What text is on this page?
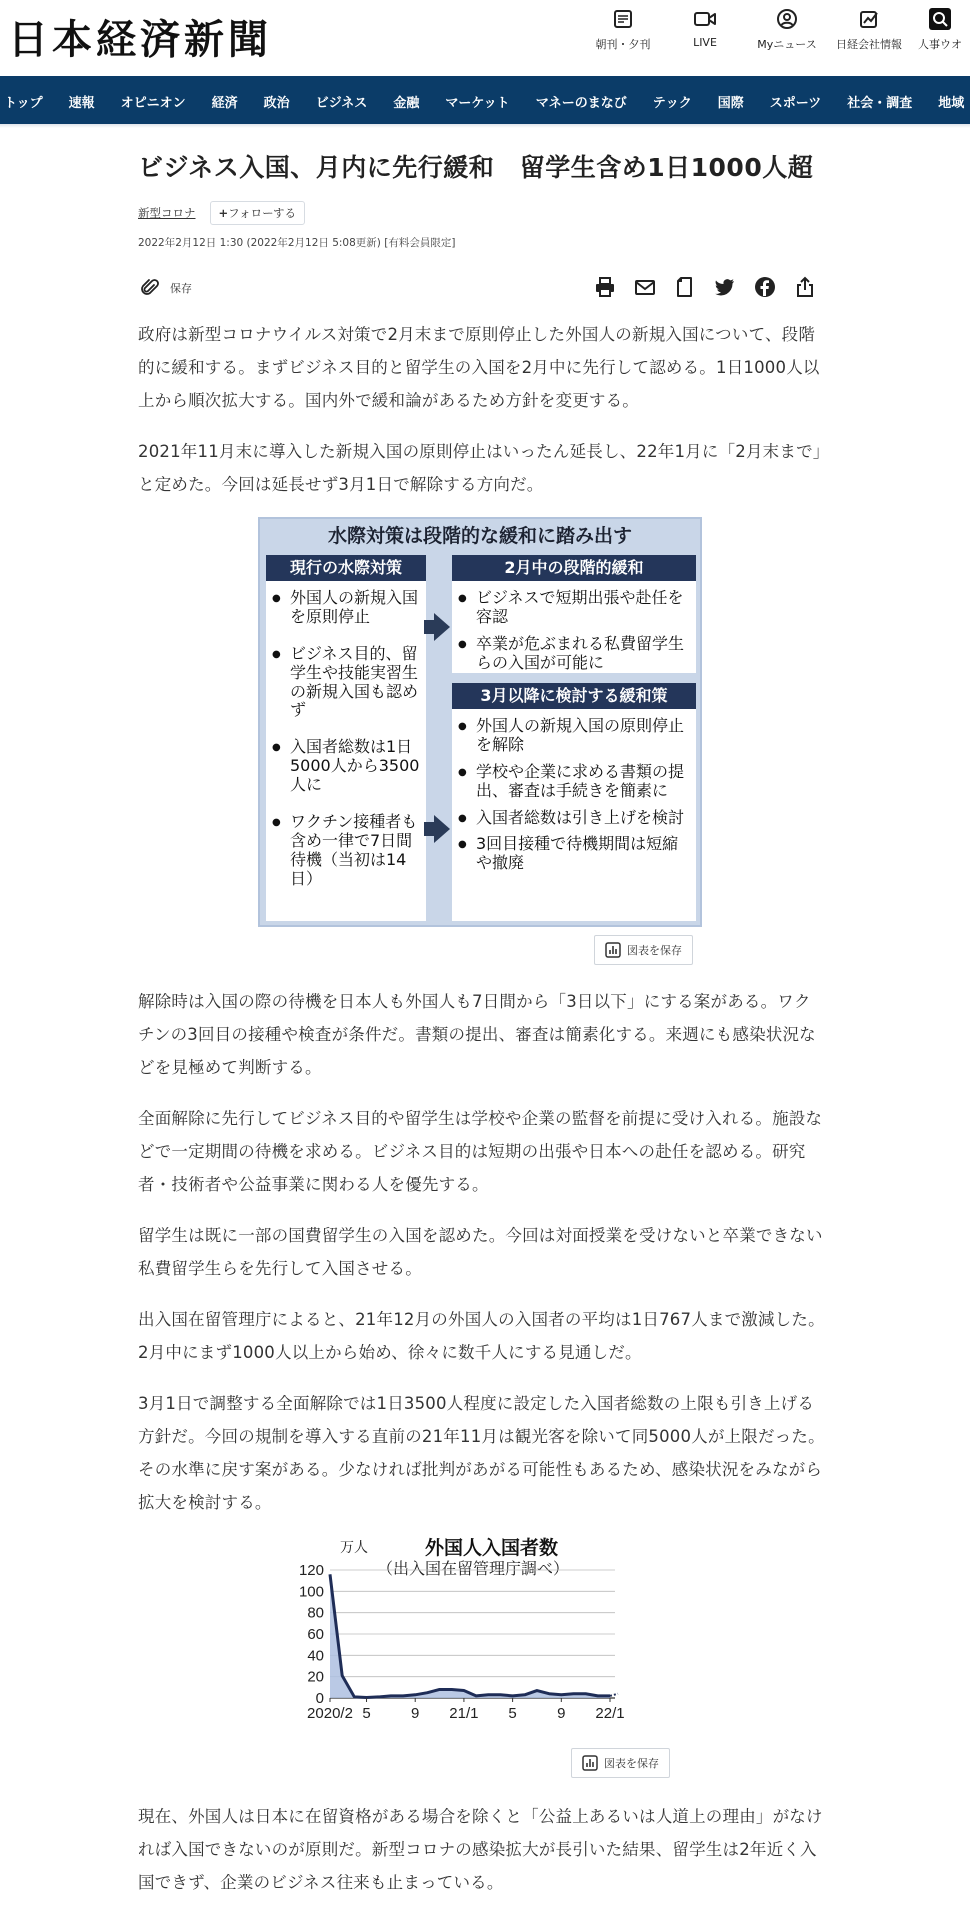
日本経済新聞	朝刊・夕刊	LIVE	Myニュース	日経会社情報	人事ウオ
トップ	速報	オピニオン	経済	政治	ビジネス	金融	マーケット	マネーのまなび	テック	国際	スポーツ	社会・調査	地域
ビジネス入国、月内に先行緩和　留学生含め1日1000人超
新型コロナ	+フォローする
2022年2月12日 1:30 (2022年2月12日 5:08更新) [有料会員限定]
保存

政府は新型コロナウイルス対策で2月末まで原則停止した外国人の新規入国について、段階的に緩和する。まずビジネス目的と留学生の入国を2月中に先行して認める。1日1000人以上から順次拡大する。国内外で緩和論があるため方針を変更する。

2021年11月末に導入した新規入国の原則停止はいったん延長し、22年1月に「2月末まで」と定めた。今回は延長せず3月1日で解除する方向だ。

水際対策は段階的な緩和に踏み出す
現行の水際対策
● 外国人の新規入国を原則停止
● ビジネス目的、留学生や技能実習生の新規入国も認めず
● 入国者総数は1日5000人から3500人に
● ワクチン接種者も含め一律で7日間待機（当初は14日）
2月中の段階的緩和
● ビジネスで短期出張や赴任を容認
● 卒業が危ぶまれる私費留学生らの入国が可能に
3月以降に検討する緩和策
● 外国人の新規入国の原則停止を解除
● 学校や企業に求める書類の提出、審査は手続きを簡素に
● 入国者総数は引き上げを検討
● 3回目接種で待機期間は短縮や撤廃
図表を保存

解除時は入国の際の待機を日本人も外国人も7日間から「3日以下」にする案がある。ワクチンの3回目の接種や検査が条件だ。書類の提出、審査は簡素化する。来週にも感染状況などを見極めて判断する。

全面解除に先行してビジネス目的や留学生は学校や企業の監督を前提に受け入れる。施設などで一定期間の待機を求める。ビジネス目的は短期の出張や日本への赴任を認める。研究者・技術者や公益事業に関わる人を優先する。

留学生は既に一部の国費留学生の入国を認めた。今回は対面授業を受けないと卒業できない私費留学生らを先行して入国させる。

出入国在留管理庁によると、21年12月の外国人の入国者の平均は1日767人まで激減した。2月中にまず1000人以上から始め、徐々に数千人にする見通しだ。

3月1日で調整する全面解除では1日3500人程度に設定した入国者総数の上限も引き上げる方針だ。今回の規制を導入する直前の21年11月は観光客を除いて同5000人が上限だった。その水準に戻す案がある。少なければ批判があがる可能性もあるため、感染状況をみながら拡大を検討する。

外国人入国者数
（出入国在留管理庁調べ）
万人
0
20
40
60
80
100
120
2020/2 5	9 21/1 5	9 22/1
図表を保存

現在、外国人は日本に在留資格がある場合を除くと「公益上あるいは人道上の理由」がなければ入国できないのが原則だ。新型コロナの感染拡大が長引いた結果、留学生は2年近く入国できず、企業のビジネス往来も止まっている。
